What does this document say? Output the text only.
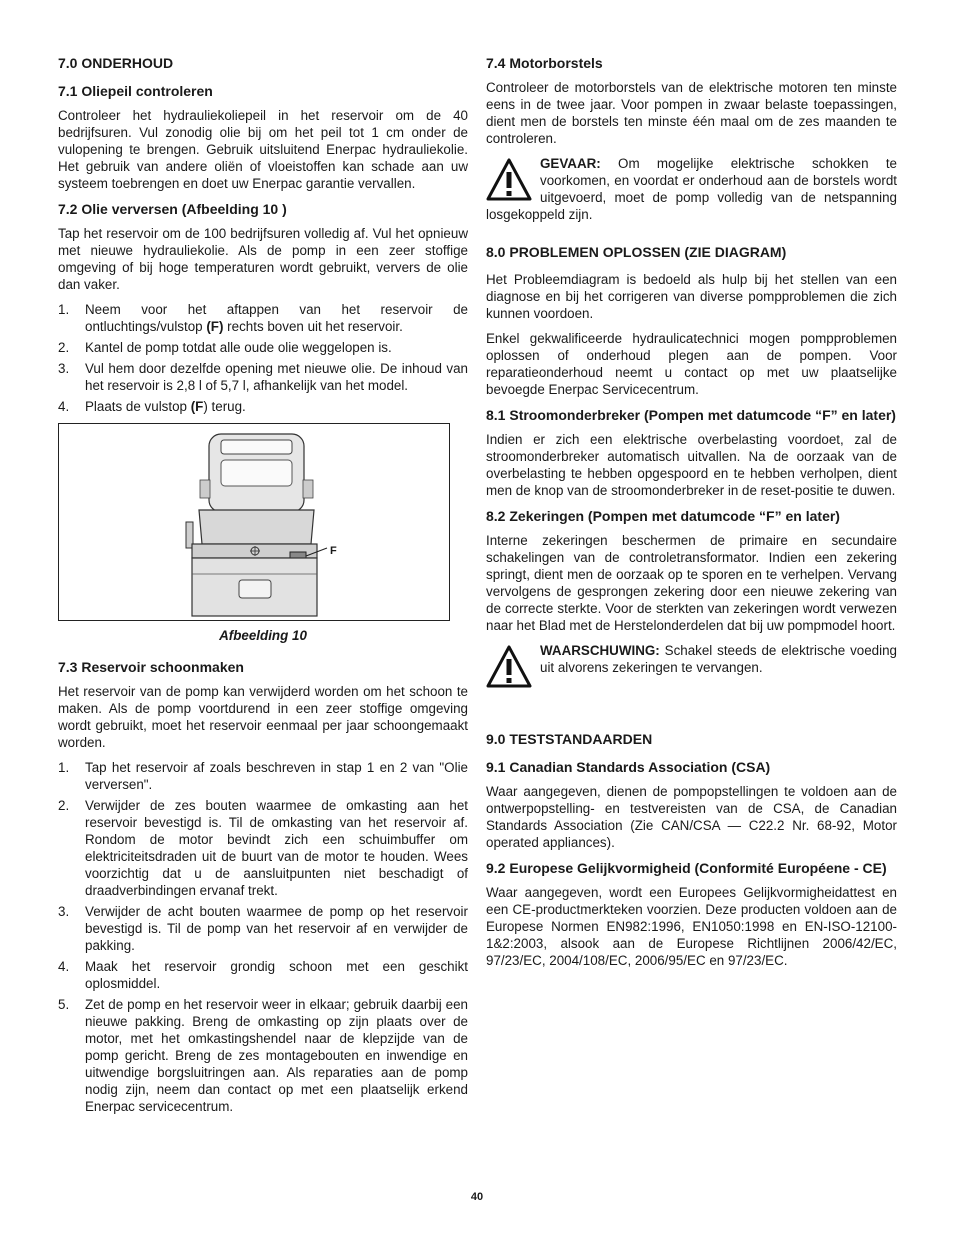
7.0 ONDERHOUD
7.1 Oliepeil controleren

Controleer het hydrauliekoliepeil in het reservoir om de 40 bedrijfsuren. Vul zonodig olie bij om het peil tot 1 cm onder de vulopening te brengen. Gebruik uitsluitend Enerpac hydrauliekolie. Het gebruik van andere oliën of vloeistoffen kan schade aan uw systeem toebrengen en doet uw Enerpac garantie vervallen.

7.2 Olie verversen (Afbeelding 10 )

Tap het reservoir om de 100 bedrijfsuren volledig af. Vul het opnieuw met nieuwe hydrauliekolie. Als de pomp in een zeer stoffige omgeving of bij hoge temperaturen wordt gebruikt, ververs de olie dan vaker.

1. Neem voor het aftappen van het reservoir de ontluchtings/vulstop (F) rechts boven uit het reservoir.
2. Kantel de pomp totdat alle oude olie weggelopen is.
3. Vul hem door dezelfde opening met nieuwe olie. De inhoud van het reservoir is 2,8 l of 5,7 l, afhankelijk van het model.
4. Plaats de vulstop (F) terug.
F
Afbeelding 10
7.3 Reservoir schoonmaken

Het reservoir van de pomp kan verwijderd worden om het schoon te maken. Als de pomp voortdurend in een zeer stoffige omgeving wordt gebruikt, moet het reservoir eenmaal per jaar schoongemaakt worden.

1. Tap het reservoir af zoals beschreven in stap 1 en 2 van "Olie verversen".
2. Verwijder de zes bouten waarmee de omkasting aan het reservoir bevestigd is. Til de omkasting van het reservoir af. Rondom de motor bevindt zich een schuimbuffer om elektriciteitsdraden uit de buurt van de motor te houden. Wees voorzichtig dat u de aansluitpunten niet beschadigt of draadverbindingen ervanaf trekt.
3. Verwijder de acht bouten waarmee de pomp op het reservoir bevestigd is. Til de pomp van het reservoir af en verwijder de pakking.
4. Maak het reservoir grondig schoon met een geschikt oplosmiddel.
5. Zet de pomp en het reservoir weer in elkaar; gebruik daarbij een nieuwe pakking. Breng de omkasting op zijn plaats over de motor, met het omkastingshendel naar de klepzijde van de pomp gericht. Breng de zes montagebouten en inwendige en uitwendige borgsluitringen aan. Als reparaties aan de pomp nodig zijn, neem dan contact op met een plaatselijk erkend Enerpac servicecentrum.
7.4 Motorborstels

Controleer de motorborstels van de elektrische motoren ten minste eens in de twee jaar. Voor pompen in zwaar belaste toepassingen, dient men de borstels ten minste één maal om de zes maanden te controleren.

GEVAAR: Om mogelijke elektrische schokken te voorkomen, en voordat er onderhoud aan de borstels wordt uitgevoerd, moet de pomp volledig van de netspanning losgekoppeld zijn.

8.0 PROBLEMEN OPLOSSEN (ZIE DIAGRAM)

Het Probleemdiagram is bedoeld als hulp bij het stellen van een diagnose en bij het corrigeren van diverse pompproblemen die zich kunnen voordoen.

Enkel gekwalificeerde hydraulicatechnici mogen pompproblemen oplossen of onderhoud plegen aan de pompen. Voor reparatieonderhoud neemt u contact op met uw plaatselijke bevoegde Enerpac Servicecentrum.

8.1 Stroomonderbreker (Pompen met datumcode “F” en later)

Indien er zich een elektrische overbelasting voordoet, zal de stroomonderbreker automatisch uitvallen. Na de oorzaak van de overbelasting te hebben opgespoord en te hebben verholpen, dient men de knop van de stroomonderbreker in de reset-positie te duwen.

8.2 Zekeringen (Pompen met datumcode “F” en later)

Interne zekeringen beschermen de primaire en secundaire schakelingen van de controletransformator. Indien een zekering springt, dient men de oorzaak op te sporen en te verhelpen. Vervang vervolgens de gesprongen zekering door een nieuwe zekering van de correcte sterkte. Voor de sterkten van zekeringen wordt verwezen naar het Blad met de Herstelonderdelen dat bij uw pompmodel hoort.

WAARSCHUWING: Schakel steeds de elektrische voeding uit alvorens zekeringen te vervangen.

9.0 TESTSTANDAARDEN
9.1 Canadian Standards Association (CSA)

Waar aangegeven, dienen de pompopstellingen te voldoen aan de ontwerpopstelling- en testvereisten van de CSA, de Canadian Standards Association (Zie CAN/CSA — C22.2 Nr. 68-92, Motor operated appliances).

9.2 Europese Gelijkvormigheid (Conformité Europée‌ne - CE)

Waar aangegeven, wordt een Europees Gelijkvormigheidattest en een CE-productmerkteken voorzien. Deze producten voldoen aan de Europese Normen EN982:1996, EN1050:1998 en EN-ISO-12100-1&2:2003, alsook aan de Europese Richtlijnen 2006/42/EC, 97/23/EC, 2004/108/EC, 2006/95/EC en 97/23/EC.

40
